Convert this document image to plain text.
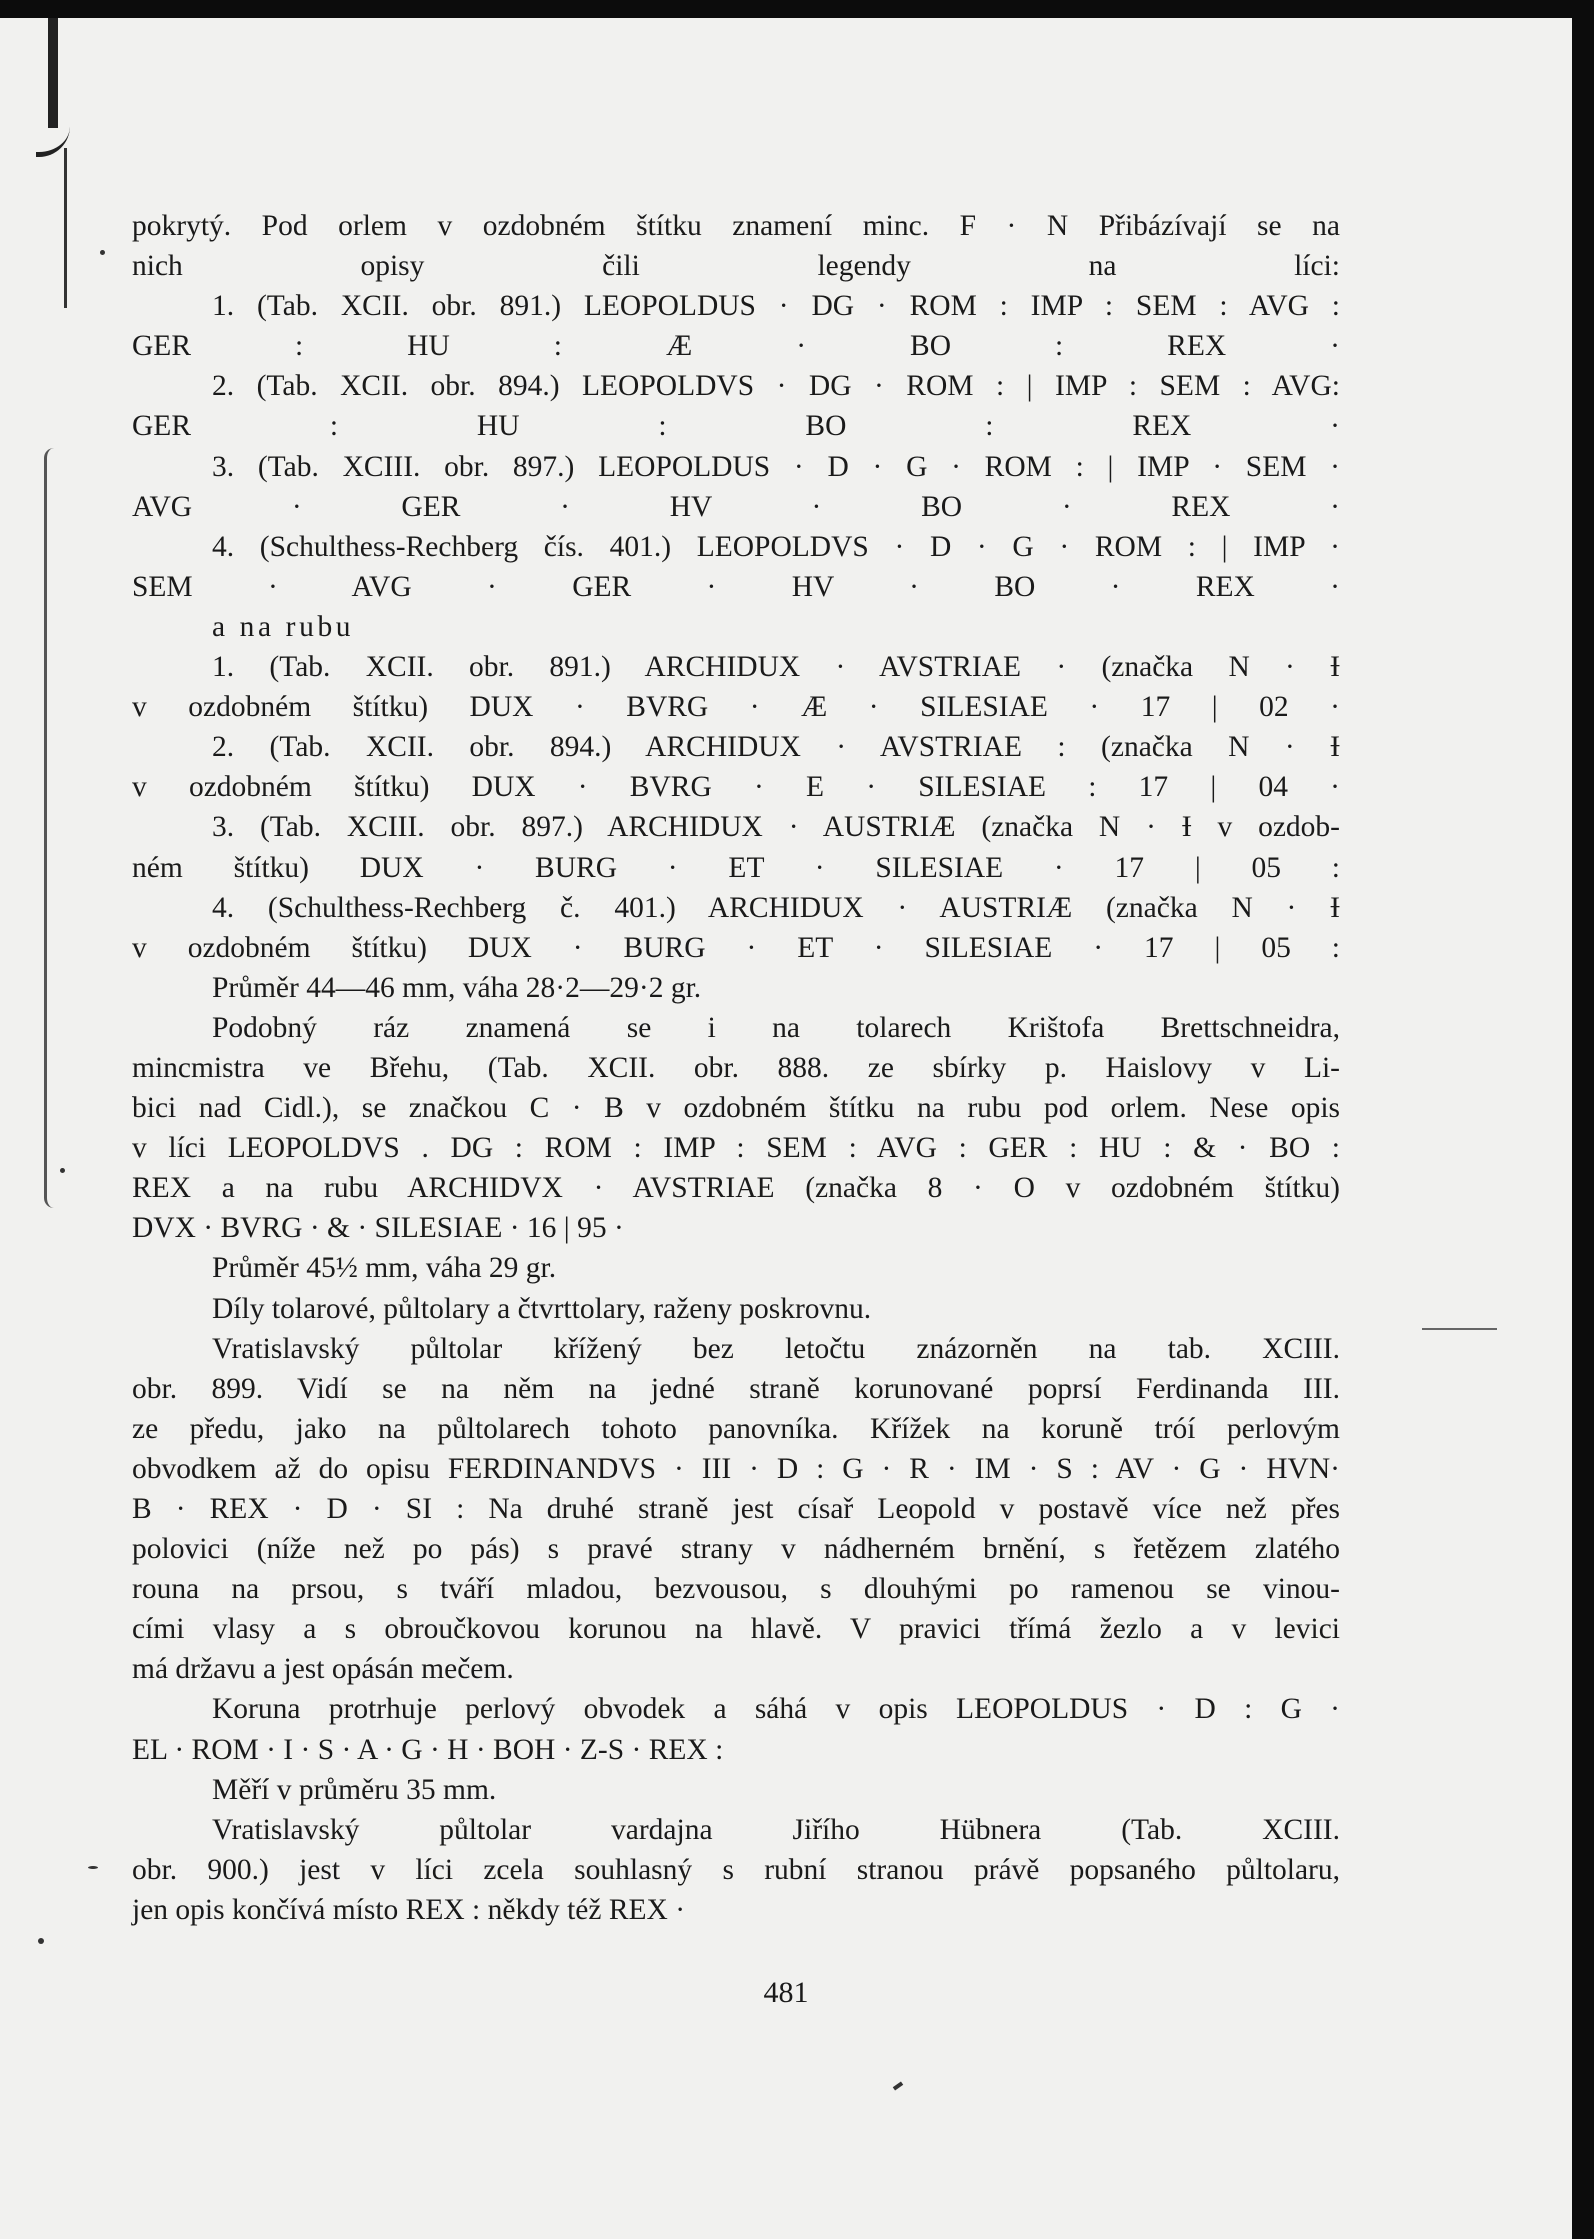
pokrytý. Pod orlem v ozdobném štítku znamení minc. F · N Přibázívají se na
nich opisy čili legendy na líci:
1. (Tab. XCII. obr. 891.) LEOPOLDUS · DG · ROM : IMP : SEM : AVG :
GER : HU : Æ · BO : REX ·
2. (Tab. XCII. obr. 894.) LEOPOLDVS · DG · ROM : | IMP : SEM : AVG:
GER : HU : BO : REX ·
3. (Tab. XCIII. obr. 897.) LEOPOLDUS · D · G · ROM : | IMP · SEM ·
AVG · GER · HV · BO · REX ·
4. (Schulthess-Rechberg čís. 401.) LEOPOLDVS · D · G · ROM : | IMP ·
SEM · AVG · GER · HV · BO · REX ·
a na rubu
1. (Tab. XCII. obr. 891.) ARCHIDUX · AVSTRIAE · (značka N · Ɨ
v ozdobném štítku) DUX · BVRG · Æ · SILESIAE · 17 | 02 ·
2. (Tab. XCII. obr. 894.) ARCHIDUX · AVSTRIAE : (značka N · Ɨ
v ozdobném štítku) DUX · BVRG · E · SILESIAE : 17 | 04 ·
3. (Tab. XCIII. obr. 897.) ARCHIDUX · AUSTRIÆ (značka N · Ɨ v ozdob-
ném štítku) DUX · BURG · ET · SILESIAE · 17 | 05 :
4. (Schulthess-Rechberg č. 401.) ARCHIDUX · AUSTRIÆ (značka N · Ɨ
v ozdobném štítku) DUX · BURG · ET · SILESIAE · 17 | 05 :
Průměr 44—46 mm, váha 28·2—29·2 gr.
Podobný ráz znamená se i na tolarech Krištofa Brettschneidra,
mincmistra ve Břehu, (Tab. XCII. obr. 888. ze sbírky p. Haislovy v Li-
bici nad Cidl.), se značkou C · B v ozdobném štítku na rubu pod orlem. Nese opis
v líci LEOPOLDVS . DG : ROM : IMP : SEM : AVG : GER : HU : & · BO :
REX a na rubu ARCHIDVX · AVSTRIAE (značka 8 · O v ozdobném štítku)
DVX · BVRG · & · SILESIAE · 16 | 95 ·
Průměr 45½ mm, váha 29 gr.
Díly tolarové, půltolary a čtvrttolary, raženy poskrovnu.
Vratislavský půltolar křížený bez letočtu znázorněn na tab. XCIII.
obr. 899. Vidí se na něm na jedné straně korunované poprsí Ferdinanda III.
ze předu, jako na půltolarech tohoto panovníka. Křížek na koruně tróí perlovým
obvodkem až do opisu FERDINANDVS · III · D : G · R · IM · S : AV · G · HVN·
B · REX · D · SI : Na druhé straně jest císař Leopold v postavě více než přes
polovici (níže než po pás) s pravé strany v nádherném brnění, s řetězem zlatého
rouna na prsou, s tváří mladou, bezvousou, s dlouhými po ramenou se vinou-
cími vlasy a s obroučkovou korunou na hlavě. V pravici třímá žezlo a v levici
má državu a jest opásán mečem.
Koruna protrhuje perlový obvodek a sáhá v opis LEOPOLDUS · D : G ·
EL · ROM · I · S · A · G · H · BOH · Z-S · REX :
Měří v průměru 35 mm.
Vratislavský půltolar vardajna Jiřího Hübnera (Tab. XCIII.
obr. 900.) jest v líci zcela souhlasný s rubní stranou právě popsaného půltolaru,
jen opis končívá místo REX : někdy též REX ·
481
